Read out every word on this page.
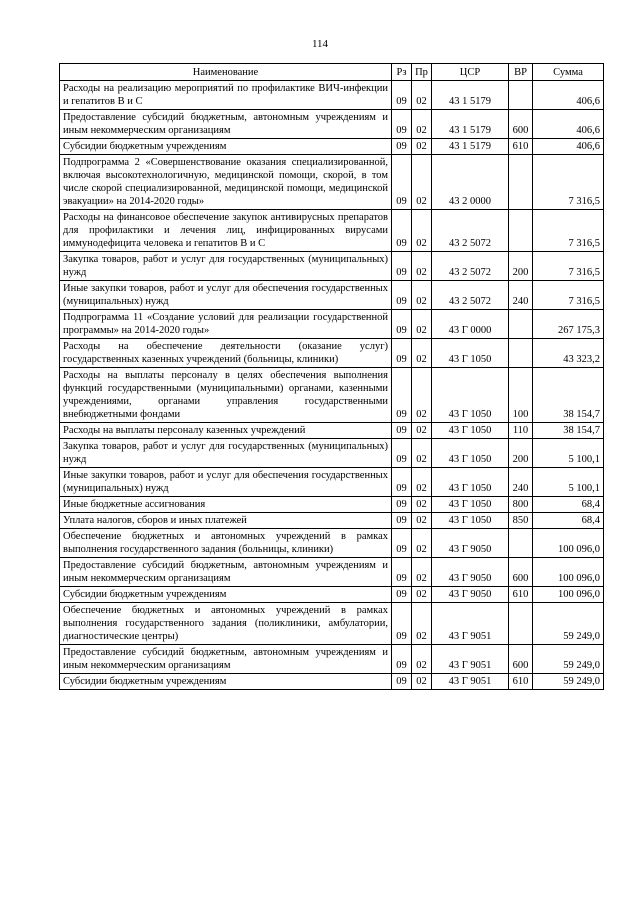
114
Наименование	Рз	Пр	ЦСР	ВР	Сумма
Расходы на реализацию мероприятий по профилактике ВИЧ-инфекции и гепатитов В и С	09	02	43 1 5179		406,6
Предоставление субсидий бюджетным, автономным учреждениям и иным некоммерческим организациям	09	02	43 1 5179	600	406,6
Субсидии бюджетным учреждениям	09	02	43 1 5179	610	406,6
Подпрограмма 2 «Совершенствование оказания специализированной, включая высокотехнологичную, медицинской помощи, скорой, в том числе скорой специализированной, медицинской помощи, медицинской эвакуации» на 2014-2020 годы»	09	02	43 2 0000		7 316,5
Расходы на финансовое обеспечение закупок антивирусных препаратов для профилактики и лечения лиц, инфицированных вирусами иммунодефицита человека и гепатитов В и С	09	02	43 2 5072		7 316,5
Закупка товаров, работ и услуг для государственных (муниципальных) нужд	09	02	43 2 5072	200	7 316,5
Иные закупки товаров, работ и услуг для обеспечения государственных (муниципальных) нужд	09	02	43 2 5072	240	7 316,5
Подпрограмма 11 «Создание условий для реализации государственной программы» на 2014-2020 годы»	09	02	43 Г 0000		267 175,3
Расходы на обеспечение деятельности (оказание услуг) государственных казенных учреждений (больницы, клиники)	09	02	43 Г 1050		43 323,2
Расходы на выплаты персоналу в целях обеспечения выполнения функций государственными (муниципальными) органами, казенными учреждениями, органами управления государственными внебюджетными фондами	09	02	43 Г 1050	100	38 154,7
Расходы на выплаты персоналу казенных учреждений	09	02	43 Г 1050	110	38 154,7
Закупка товаров, работ и услуг для государственных (муниципальных) нужд	09	02	43 Г 1050	200	5 100,1
Иные закупки товаров, работ и услуг для обеспечения государственных (муниципальных) нужд	09	02	43 Г 1050	240	5 100,1
Иные бюджетные ассигнования	09	02	43 Г 1050	800	68,4
Уплата налогов, сборов и иных платежей	09	02	43 Г 1050	850	68,4
Обеспечение бюджетных и автономных учреждений в рамках выполнения государственного задания (больницы, клиники)	09	02	43 Г 9050		100 096,0
Предоставление субсидий бюджетным, автономным учреждениям и иным некоммерческим организациям	09	02	43 Г 9050	600	100 096,0
Субсидии бюджетным учреждениям	09	02	43 Г 9050	610	100 096,0
Обеспечение бюджетных и автономных учреждений в рамках выполнения государственного задания (поликлиники, амбулатории, диагностические центры)	09	02	43 Г 9051		59 249,0
Предоставление субсидий бюджетным, автономным учреждениям и иным некоммерческим организациям	09	02	43 Г 9051	600	59 249,0
Субсидии бюджетным учреждениям	09	02	43 Г 9051	610	59 249,0
